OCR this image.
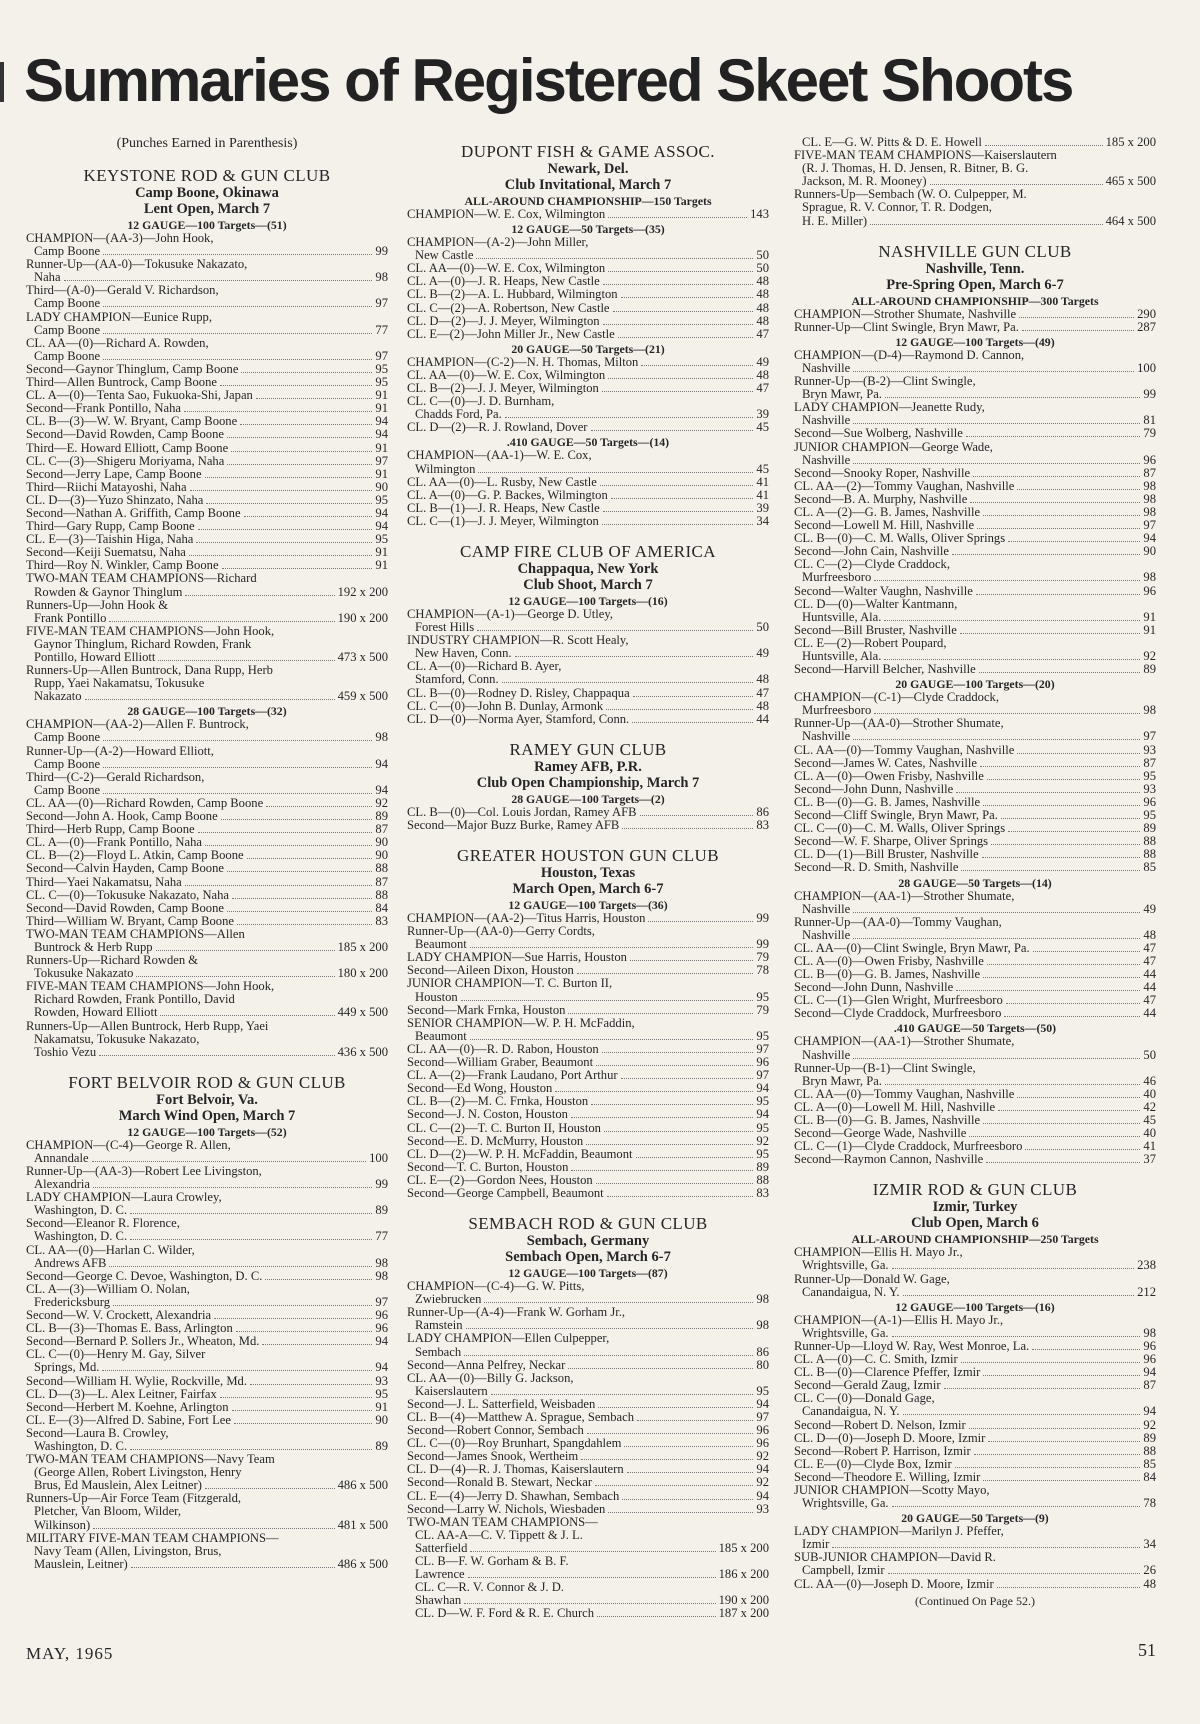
Summaries of Registered Skeet Shoots
(Punches Earned in Parenthesis)
KEYSTONE ROD & GUN CLUB
Camp Boone, Okinawa
Lent Open, March 7
12 GAUGE—100 Targets—(51)
CHAMPION—(AA-3)—John Hook,
Camp Boone	99
Runner-Up—(AA-0)—Tokusuke Nakazato,
Naha	98
Third—(A-0)—Gerald V. Richardson,
Camp Boone	97
LADY CHAMPION—Eunice Rupp,
Camp Boone	77
CL. AA—(0)—Richard A. Rowden,
Camp Boone	97
Second—Gaynor Thinglum, Camp Boone	95
Third—Allen Buntrock, Camp Boone	95
CL. A—(0)—Tenta Sao, Fukuoka-Shi, Japan	91
Second—Frank Pontillo, Naha	91
CL. B—(3)—W. W. Bryant, Camp Boone	94
Second—David Rowden, Camp Boone	94
Third—E. Howard Elliott, Camp Boone	91
CL. C—(3)—Shigeru Moriyama, Naha	97
Second—Jerry Lape, Camp Boone	91
Third—Riichi Matayoshi, Naha	90
CL. D—(3)—Yuzo Shinzato, Naha	95
Second—Nathan A. Griffith, Camp Boone	94
Third—Gary Rupp, Camp Boone	94
CL. E—(3)—Taishin Higa, Naha	95
Second—Keiji Suematsu, Naha	91
Third—Roy N. Winkler, Camp Boone	91
TWO-MAN TEAM CHAMPIONS—Richard
Rowden & Gaynor Thinglum	192 x 200
Runners-Up—John Hook &
Frank Pontillo	190 x 200
FIVE-MAN TEAM CHAMPIONS—John Hook,
Gaynor Thinglum, Richard Rowden, Frank
Pontillo, Howard Elliott	473 x 500
Runners-Up—Allen Buntrock, Dana Rupp, Herb
Rupp, Yaei Nakamatsu, Tokusuke
Nakazato	459 x 500
28 GAUGE—100 Targets—(32)
CHAMPION—(AA-2)—Allen F. Buntrock,
Camp Boone	98
Runner-Up—(A-2)—Howard Elliott,
Camp Boone	94
Third—(C-2)—Gerald Richardson,
Camp Boone	94
CL. AA—(0)—Richard Rowden, Camp Boone	92
Second—John A. Hook, Camp Boone	89
Third—Herb Rupp, Camp Boone	87
CL. A—(0)—Frank Pontillo, Naha	90
CL. B—(2)—Floyd L. Atkin, Camp Boone	90
Second—Calvin Hayden, Camp Boone	88
Third—Yaei Nakamatsu, Naha	87
CL. C—(0)—Tokusuke Nakazato, Naha	88
Second—David Rowden, Camp Boone	84
Third—William W. Bryant, Camp Boone	83
TWO-MAN TEAM CHAMPIONS—Allen
Buntrock & Herb Rupp	185 x 200
Runners-Up—Richard Rowden &
Tokusuke Nakazato	180 x 200
FIVE-MAN TEAM CHAMPIONS—John Hook,
Richard Rowden, Frank Pontillo, David
Rowden, Howard Elliott	449 x 500
Runners-Up—Allen Buntrock, Herb Rupp, Yaei
Nakamatsu, Tokusuke Nakazato,
Toshio Vezu	436 x 500
FORT BELVOIR ROD & GUN CLUB
Fort Belvoir, Va.
March Wind Open, March 7
12 GAUGE—100 Targets—(52)
CHAMPION—(C-4)—George R. Allen,
Annandale	100
Runner-Up—(AA-3)—Robert Lee Livingston,
Alexandria	99
LADY CHAMPION—Laura Crowley,
Washington, D. C.	89
Second—Eleanor R. Florence,
Washington, D. C.	77
CL. AA—(0)—Harlan C. Wilder,
Andrews AFB	98
Second—George C. Devoe, Washington, D. C.	98
CL. A—(3)—William O. Nolan,
Fredericksburg	97
Second—W. V. Crockett, Alexandria	96
CL. B—(3)—Thomas E. Bass, Arlington	96
Second—Bernard P. Sollers Jr., Wheaton, Md.	94
CL. C—(0)—Henry M. Gay, Silver
Springs, Md.	94
Second—William H. Wylie, Rockville, Md.	93
CL. D—(3)—L. Alex Leitner, Fairfax	95
Second—Herbert M. Koehne, Arlington	91
CL. E—(3)—Alfred D. Sabine, Fort Lee	90
Second—Laura B. Crowley,
Washington, D. C.	89
TWO-MAN TEAM CHAMPIONS—Navy Team
(George Allen, Robert Livingston, Henry
Brus, Ed Mauslein, Alex Leitner)	486 x 500
Runners-Up—Air Force Team (Fitzgerald,
Pletcher, Van Bloom, Wilder,
Wilkinson)	481 x 500
MILITARY FIVE-MAN TEAM CHAMPIONS—
Navy Team (Allen, Livingston, Brus,
Mauslein, Leitner)	486 x 500
DUPONT FISH & GAME ASSOC.
Newark, Del.
Club Invitational, March 7
ALL-AROUND CHAMPIONSHIP—150 Targets
CHAMPION—W. E. Cox, Wilmington	143
12 GAUGE—50 Targets—(35)
CHAMPION—(A-2)—John Miller,
New Castle	50
CL. AA—(0)—W. E. Cox, Wilmington	50
CL. A—(0)—J. R. Heaps, New Castle	48
CL. B—(2)—A. L. Hubbard, Wilmington	48
CL. C—(2)—A. Robertson, New Castle	48
CL. D—(2)—J. J. Meyer, Wilmington	48
CL. E—(2)—John Miller Jr., New Castle	47
20 GAUGE—50 Targets—(21)
CHAMPION—(C-2)—N. H. Thomas, Milton	49
CL. AA—(0)—W. E. Cox, Wilmington	48
CL. B—(2)—J. J. Meyer, Wilmington	47
CL. C—(0)—J. D. Burnham,
Chadds Ford, Pa.	39
CL. D—(2)—R. J. Rowland, Dover	45
.410 GAUGE—50 Targets—(14)
CHAMPION—(AA-1)—W. E. Cox,
Wilmington	45
CL. AA—(0)—L. Rusby, New Castle	41
CL. A—(0)—G. P. Backes, Wilmington	41
CL. B—(1)—J. R. Heaps, New Castle	39
CL. C—(1)—J. J. Meyer, Wilmington	34
CAMP FIRE CLUB OF AMERICA
Chappaqua, New York
Club Shoot, March 7
12 GAUGE—100 Targets—(16)
CHAMPION—(A-1)—George D. Utley,
Forest Hills	50
INDUSTRY CHAMPION—R. Scott Healy,
New Haven, Conn.	49
CL. A—(0)—Richard B. Ayer,
Stamford, Conn.	48
CL. B—(0)—Rodney D. Risley, Chappaqua	47
CL. C—(0)—John B. Dunlay, Armonk	48
CL. D—(0)—Norma Ayer, Stamford, Conn.	44
RAMEY GUN CLUB
Ramey AFB, P.R.
Club Open Championship, March 7
28 GAUGE—100 Targets—(2)
CL. B—(0)—Col. Louis Jordan, Ramey AFB	86
Second—Major Buzz Burke, Ramey AFB	83
GREATER HOUSTON GUN CLUB
Houston, Texas
March Open, March 6-7
12 GAUGE—100 Targets—(36)
CHAMPION—(AA-2)—Titus Harris, Houston	99
Runner-Up—(AA-0)—Gerry Cordts,
Beaumont	99
LADY CHAMPION—Sue Harris, Houston	79
Second—Aileen Dixon, Houston	78
JUNIOR CHAMPION—T. C. Burton II,
Houston	95
Second—Mark Frnka, Houston	79
SENIOR CHAMPION—W. P. H. McFaddin,
Beaumont	95
CL. AA—(0)—R. D. Rabon, Houston	97
Second—William Graber, Beaumont	96
CL. A—(2)—Frank Laudano, Port Arthur	97
Second—Ed Wong, Houston	94
CL. B—(2)—M. C. Frnka, Houston	95
Second—J. N. Coston, Houston	94
CL. C—(2)—T. C. Burton II, Houston	95
Second—E. D. McMurry, Houston	92
CL. D—(2)—W. P. H. McFaddin, Beaumont	95
Second—T. C. Burton, Houston	89
CL. E—(2)—Gordon Nees, Houston	88
Second—George Campbell, Beaumont	83
SEMBACH ROD & GUN CLUB
Sembach, Germany
Sembach Open, March 6-7
12 GAUGE—100 Targets—(87)
CHAMPION—(C-4)—G. W. Pitts,
Zwiebrucken	98
Runner-Up—(A-4)—Frank W. Gorham Jr.,
Ramstein	98
LADY CHAMPION—Ellen Culpepper,
Sembach	86
Second—Anna Pelfrey, Neckar	80
CL. AA—(0)—Billy G. Jackson,
Kaiserslautern	95
Second—J. L. Satterfield, Weisbaden	94
CL. B—(4)—Matthew A. Sprague, Sembach	97
Second—Robert Connor, Sembach	96
CL. C—(0)—Roy Brunhart, Spangdahlem	96
Second—James Snook, Wertheim	92
CL. D—(4)—R. J. Thomas, Kaiserslautern	94
Second—Ronald B. Stewart, Neckar	92
CL. E—(4)—Jerry D. Shawhan, Sembach	94
Second—Larry W. Nichols, Wiesbaden	93
TWO-MAN TEAM CHAMPIONS—
CL. AA-A—C. V. Tippett & J. L.
Satterfield	185 x 200
CL. B—F. W. Gorham & B. F.
Lawrence	186 x 200
CL. C—R. V. Connor & J. D.
Shawhan	190 x 200
CL. D—W. F. Ford & R. E. Church	187 x 200
CL. E—G. W. Pitts & D. E. Howell	185 x 200
FIVE-MAN TEAM CHAMPIONS—Kaiserslautern
(R. J. Thomas, H. D. Jensen, R. Bitner, B. G.
Jackson, M. R. Mooney)	465 x 500
Runners-Up—Sembach (W. O. Culpepper, M.
Sprague, R. V. Connor, T. R. Dodgen,
H. E. Miller)	464 x 500
NASHVILLE GUN CLUB
Nashville, Tenn.
Pre-Spring Open, March 6-7
ALL-AROUND CHAMPIONSHIP—300 Targets
CHAMPION—Strother Shumate, Nashville	290
Runner-Up—Clint Swingle, Bryn Mawr, Pa.	287
12 GAUGE—100 Targets—(49)
CHAMPION—(D-4)—Raymond D. Cannon,
Nashville	100
Runner-Up—(B-2)—Clint Swingle,
Bryn Mawr, Pa.	99
LADY CHAMPION—Jeanette Rudy,
Nashville	81
Second—Sue Wolberg, Nashville	79
JUNIOR CHAMPION—George Wade,
Nashville	96
Second—Snooky Roper, Nashville	87
CL. AA—(2)—Tommy Vaughan, Nashville	98
Second—B. A. Murphy, Nashville	98
CL. A—(2)—G. B. James, Nashville	98
Second—Lowell M. Hill, Nashville	97
CL. B—(0)—C. M. Walls, Oliver Springs	94
Second—John Cain, Nashville	90
CL. C—(2)—Clyde Craddock,
Murfreesboro	98
Second—Walter Vaughn, Nashville	96
CL. D—(0)—Walter Kantmann,
Huntsville, Ala.	91
Second—Bill Bruster, Nashville	91
CL. E—(2)—Robert Poupard,
Huntsville, Ala.	92
Second—Harvill Belcher, Nashville	89
20 GAUGE—100 Targets—(20)
CHAMPION—(C-1)—Clyde Craddock,
Murfreesboro	98
Runner-Up—(AA-0)—Strother Shumate,
Nashville	97
CL. AA—(0)—Tommy Vaughan, Nashville	93
Second—James W. Cates, Nashville	87
CL. A—(0)—Owen Frisby, Nashville	95
Second—John Dunn, Nashville	93
CL. B—(0)—G. B. James, Nashville	96
Second—Cliff Swingle, Bryn Mawr, Pa.	95
CL. C—(0)—C. M. Walls, Oliver Springs	89
Second—W. F. Sharpe, Oliver Springs	88
CL. D—(1)—Bill Bruster, Nashville	88
Second—R. D. Smith, Nashville	85
28 GAUGE—50 Targets—(14)
CHAMPION—(AA-1)—Strother Shumate,
Nashville	49
Runner-Up—(AA-0)—Tommy Vaughan,
Nashville	48
CL. AA—(0)—Clint Swingle, Bryn Mawr, Pa.	47
CL. A—(0)—Owen Frisby, Nashville	47
CL. B—(0)—G. B. James, Nashville	44
Second—John Dunn, Nashville	44
CL. C—(1)—Glen Wright, Murfreesboro	47
Second—Clyde Craddock, Murfreesboro	44
.410 GAUGE—50 Targets—(50)
CHAMPION—(AA-1)—Strother Shumate,
Nashville	50
Runner-Up—(B-1)—Clint Swingle,
Bryn Mawr, Pa.	46
CL. AA—(0)—Tommy Vaughan, Nashville	40
CL. A—(0)—Lowell M. Hill, Nashville	42
CL. B—(0)—G. B. James, Nashville	45
Second—George Wade, Nashville	40
CL. C—(1)—Clyde Craddock, Murfreesboro	41
Second—Raymon Cannon, Nashville	37
IZMIR ROD & GUN CLUB
Izmir, Turkey
Club Open, March 6
ALL-AROUND CHAMPIONSHIP—250 Targets
CHAMPION—Ellis H. Mayo Jr.,
Wrightsville, Ga.	238
Runner-Up—Donald W. Gage,
Canandaigua, N. Y.	212
12 GAUGE—100 Targets—(16)
CHAMPION—(A-1)—Ellis H. Mayo Jr.,
Wrightsville, Ga.	98
Runner-Up—Lloyd W. Ray, West Monroe, La.	96
CL. A—(0)—C. C. Smith, Izmir	96
CL. B—(0)—Clarence Pfeffer, Izmir	94
Second—Gerald Zaug, Izmir	87
CL. C—(0)—Donald Gage,
Canandaigua, N. Y.	94
Second—Robert D. Nelson, Izmir	92
CL. D—(0)—Joseph D. Moore, Izmir	89
Second—Robert P. Harrison, Izmir	88
CL. E—(0)—Clyde Box, Izmir	85
Second—Theodore E. Willing, Izmir	84
JUNIOR CHAMPION—Scotty Mayo,
Wrightsville, Ga.	78
20 GAUGE—50 Targets—(9)
LADY CHAMPION—Marilyn J. Pfeffer,
Izmir	34
SUB-JUNIOR CHAMPION—David R.
Campbell, Izmir	26
CL. AA—(0)—Joseph D. Moore, Izmir	48
(Continued On Page 52.)
MAY, 1965	51
